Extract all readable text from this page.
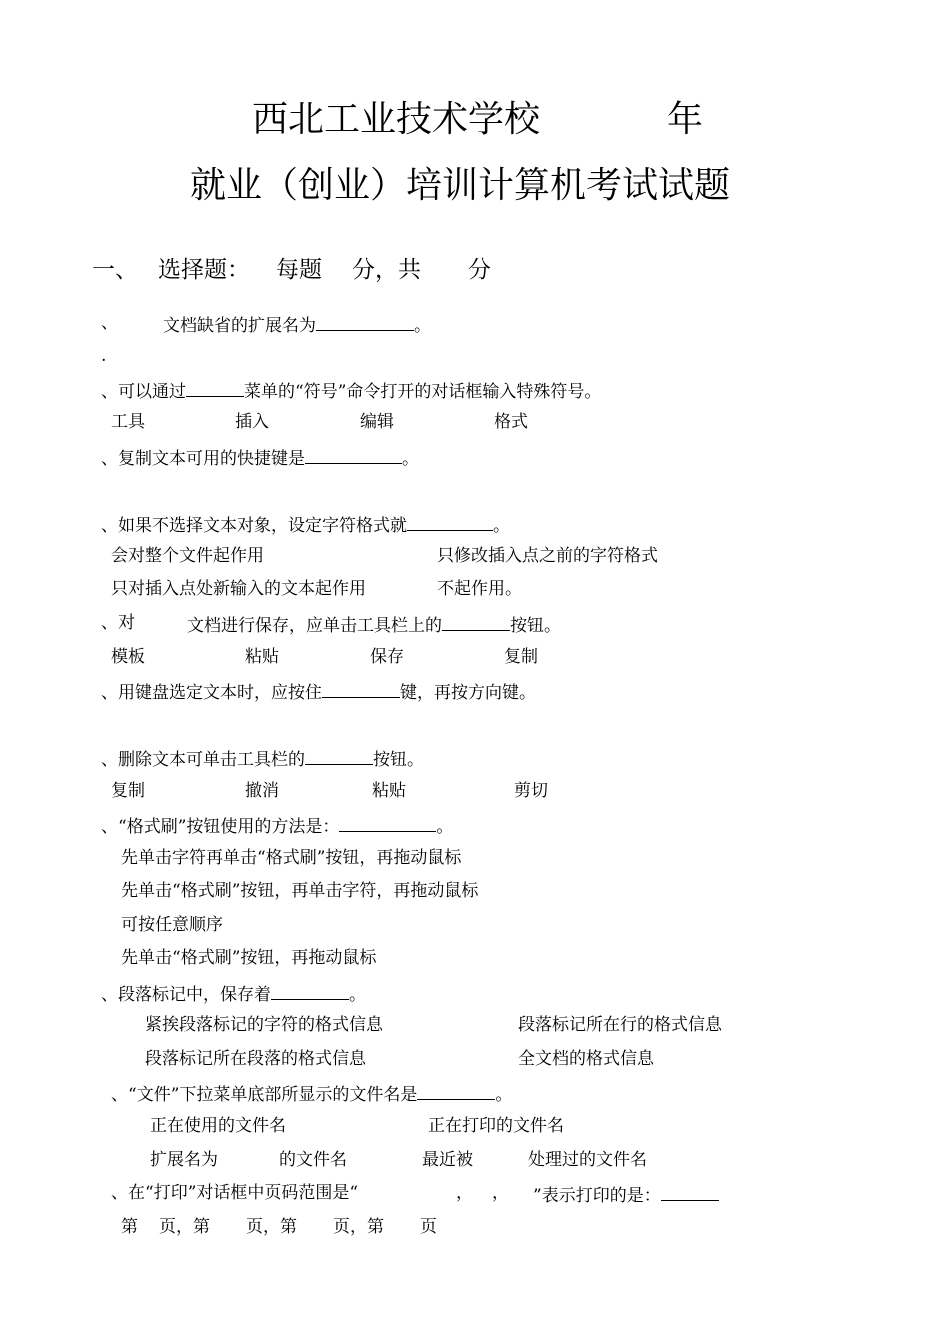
西北工业技术学校	年
就业（创业）培训计算机考试试题
一、 选择题： 每题 分，共 分
、	文档缺省的扩展名为	。
.
、可以通过	菜单的“符号”命令打开的对话框输入特殊符号。
工具	插入	编辑	格式
、复制文本可用的快捷键是	。
、如果不选择文本对象，设定字符格式就	。
会对整个文件起作用	只修改插入点之前的字符格式
只对插入点处新输入的文本起作用	不起作用。
、对	文档进行保存，应单击工具栏上的	按钮。
模板	粘贴	保存	复制
、用键盘选定文本时，应按住	键，再按方向键。
、删除文本可单击工具栏的	按钮。
复制	撤消	粘贴	剪切
、“格式刷”按钮使用的方法是：	。
先单击字符再单击“格式刷”按钮，再拖动鼠标
先单击“格式刷”按钮，再单击字符，再拖动鼠标
可按任意顺序
先单击“格式刷”按钮，再拖动鼠标
、段落标记中，保存着	。
紧挨段落标记的字符的格式信息	段落标记所在行的格式信息
段落标记所在段落的格式信息	全文档的格式信息
、“文件”下拉菜单底部所显示的文件名是	。
正在使用的文件名	正在打印的文件名
扩展名为	的文件名	最近被	处理过的文件名
、在“打印”对话框中页码范围是“	， ， ”表示打印的是：
第 页，第 页，第 页，第 页
